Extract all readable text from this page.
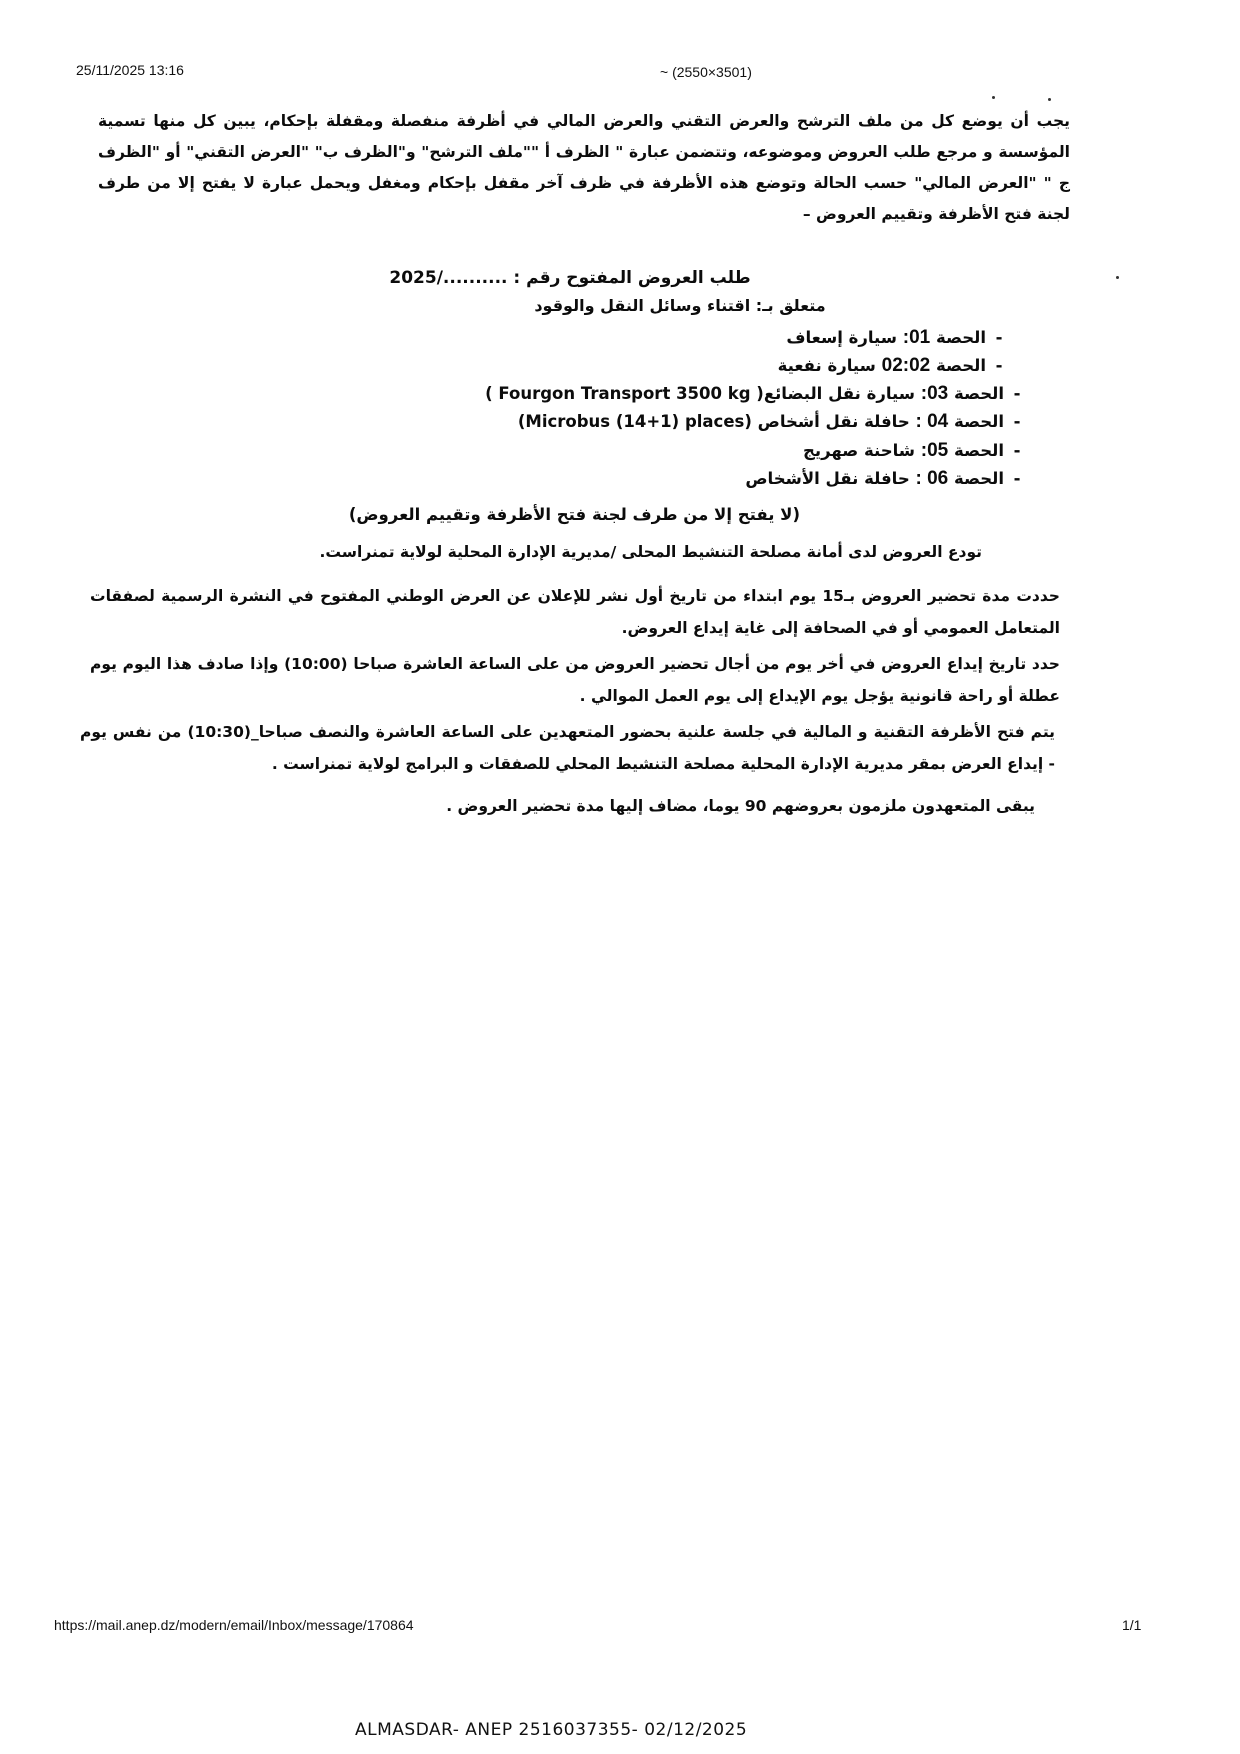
25/11/2025 13:16	~ (2550×3501)
يجب أن يوضع كل من ملف الترشح والعرض التقني والعرض المالي في أظرفة منفصلة ومقفلة بإحكام، يبين كل منها تسمية المؤسسة و مرجع طلب العروض وموضوعه، وتتضمن عبارة " الظرف أ ""ملف الترشح" و"الظرف ب" "العرض التقني" أو "الظرف ج " "العرض المالي" حسب الحالة وتوضع هذه الأظرفة في ظرف آخر مقفل بإحكام ومغفل ويحمل عبارة لا يفتح إلا من طرف لجنة فتح الأظرفة وتقييم العروض –
طلب العروض المفتوح رقم : ........../2025
متعلق بـ: اقتناء وسائل النقل والوقود
-الحصة 01: سيارة إسعاف
-الحصة 02:02 سيارة نفعية
-الحصة 03: سيارة نقل البضائع( Fourgon Transport 3500 kg )
-الحصة 04 : حافلة نقل أشخاص (Microbus (14+1) places)
-الحصة 05: شاحنة صهريج
-الحصة 06 : حافلة نقل الأشخاص
(لا يفتح إلا من طرف لجنة فتح الأظرفة وتقييم العروض)
تودع العروض لدى أمانة مصلحة التنشيط المحلى /مديرية الإدارة المحلية لولاية تمنراست.
حددت مدة تحضير العروض بـ15 يوم ابتداء من تاريخ أول نشر للإعلان عن العرض الوطني المفتوح في النشرة الرسمية لصفقات المتعامل العمومي أو في الصحافة إلى غاية إيداع العروض.
حدد تاريخ إيداع العروض في أخر يوم من أجال تحضير العروض من على الساعة العاشرة صباحا (10:00) وإذا صادف هذا اليوم يوم عطلة أو راحة قانونية يؤجل يوم الإيداع إلى يوم العمل الموالي .
يتم فتح الأظرفة التقنية و المالية في جلسة علنية بحضور المتعهدين على الساعة العاشرة والنصف صباحا_(10:30) من نفس يوم - إيداع العرض بمقر مديرية الإدارة المحلية مصلحة التنشيط المحلي للصفقات و البرامج لولاية تمنراست .
يبقى المتعهدون ملزمون بعروضهم 90 يوما، مضاف إليها مدة تحضير العروض .
https://mail.anep.dz/modern/email/Inbox/message/170864	1/1
ALMASDAR- ANEP 2516037355- 02/12/2025
